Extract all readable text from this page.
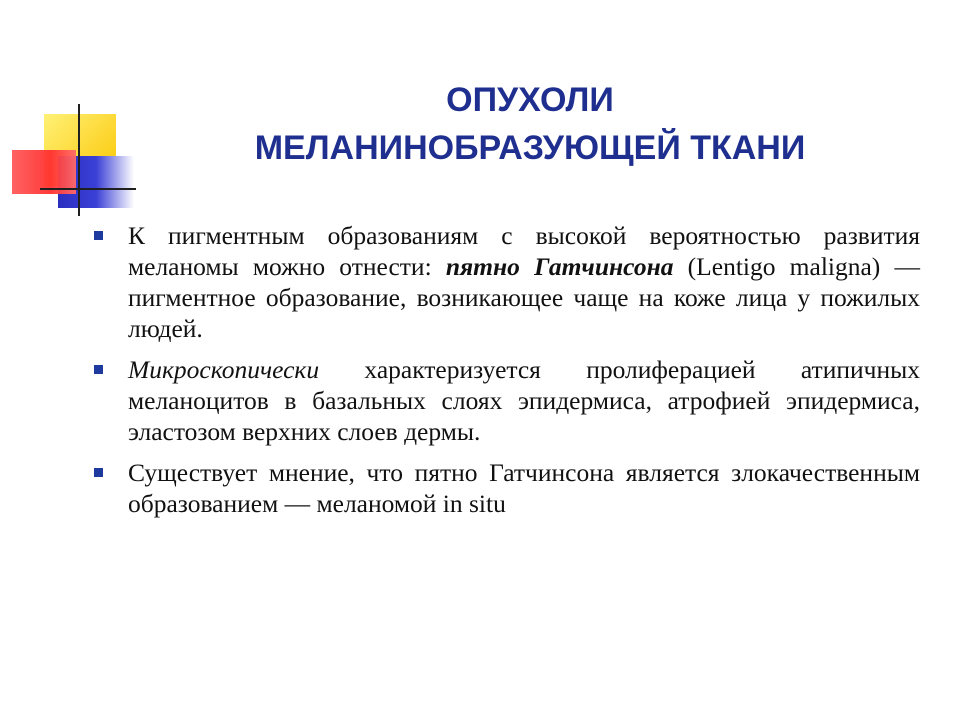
ОПУХОЛИ
МЕЛАНИНОБРАЗУЮЩЕЙ ТКАНИ
К пигментным образованиям с высокой вероятностью развития меланомы можно отнести: пятно Гатчинсона (Lentigo maligna) — пигментное образование, возникающее чаще на коже лица у пожилых людей.
Микроскопически характеризуется пролиферацией атипичных меланоцитов в базальных слоях эпидермиса, атрофией эпидермиса, эластозом верхних слоев дермы.
Существует мнение, что пятно Гатчинсона является злокачественным образованием — меланомой in situ
